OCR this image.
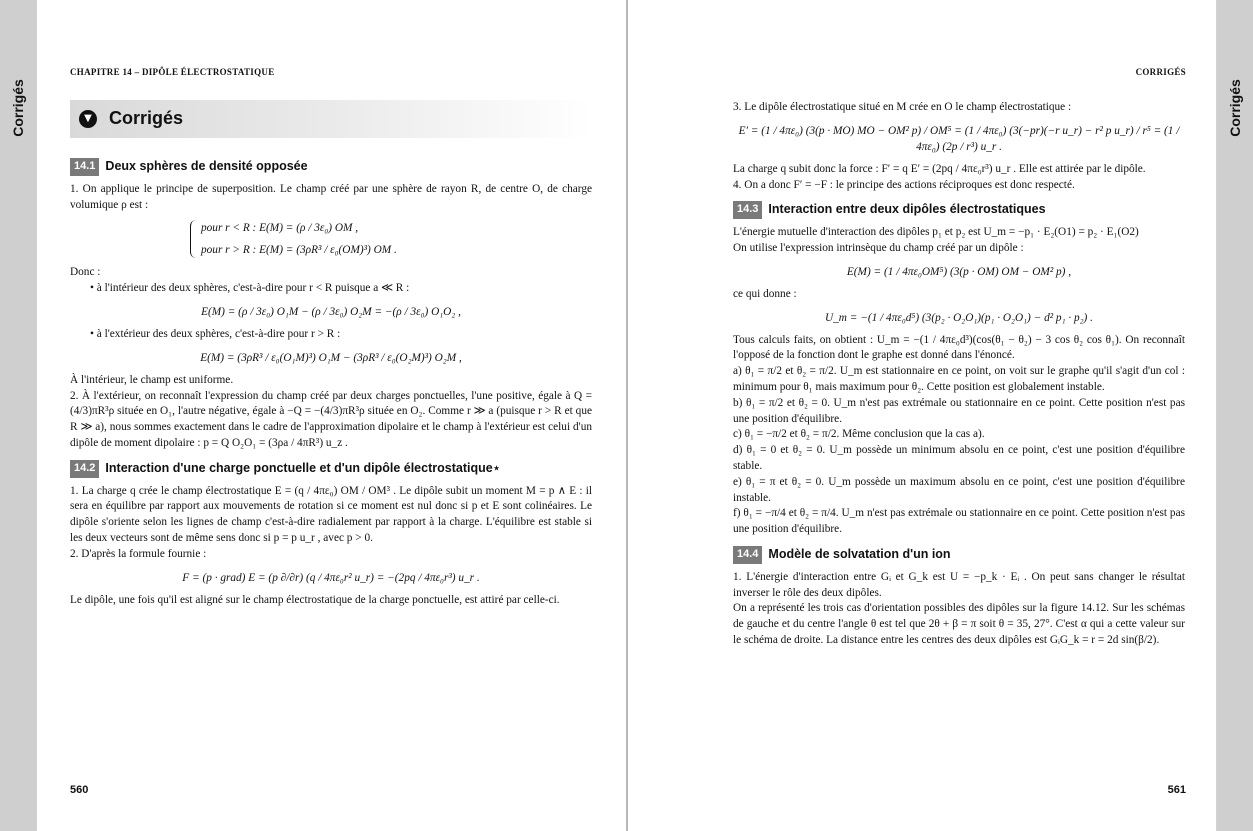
Corrigés	Corrigés
CHAPITRE 14 – DIPÔLE ÉLECTROSTATIQUE
▼ Corrigés
14.1 Deux sphères de densité opposée

1. On applique le principe de superposition. Le champ créé par une sphère de rayon R, de centre O, de charge volumique ρ est :

pour r < R : E(M) = (ρ / 3ε₀) OM ,
pour r > R : E(M) = (3ρR³ / ε₀(OM)³) OM .

Donc :

• à l'intérieur des deux sphères, c'est-à-dire pour r < R puisque a ≪ R :
E(M) = (ρ / 3ε₀) O₁M − (ρ / 3ε₀) O₂M = −(ρ / 3ε₀) O₁O₂ ,
• à l'extérieur des deux sphères, c'est-à-dire pour r > R :
E(M) = (3ρR³ / ε₀(O₁M)³) O₁M − (3ρR³ / ε₀(O₂M)³) O₂M ,

À l'intérieur, le champ est uniforme.

2. À l'extérieur, on reconnaît l'expression du champ créé par deux charges ponctuelles, l'une positive, égale à Q = (4/3)πR³ρ située en O₁, l'autre négative, égale à −Q = −(4/3)πR³ρ située en O₂. Comme r ≫ a (puisque r > R et que R ≫ a), nous sommes exactement dans le cadre de l'approximation dipolaire et le champ à l'extérieur est celui d'un dipôle de moment dipolaire : p = Q O₂O₁ = (3ρa / 4πR³) u_z .

14.2 Interaction d'une charge ponctuelle et d'un dipôle électrostatique⋆

1. La charge q crée le champ électrostatique E = (q / 4πε₀) OM / OM³ . Le dipôle subit un moment M = p ∧ E : il sera en équilibre par rapport aux mouvements de rotation si ce moment est nul donc si p et E sont colinéaires. Le dipôle s'oriente selon les lignes de champ c'est-à-dire radialement par rapport à la charge. L'équilibre est stable si les deux vecteurs sont de même sens donc si p = p u_r , avec p > 0.

2. D'après la formule fournie :

F = (p · grad) E = (p ∂/∂r) (q / 4πε₀r² u_r) = −(2pq / 4πε₀r³) u_r .

Le dipôle, une fois qu'il est aligné sur le champ électrostatique de la charge ponctuelle, est attiré par celle-ci.

560
CORRIGÉS

3. Le dipôle électrostatique situé en M crée en O le champ électrostatique :

E′ = (1 / 4πε₀) (3(p · MO) MO − OM² p) / OM⁵ = (1 / 4πε₀) (3(−pr)(−r u_r) − r² p u_r) / r⁵ = (1 / 4πε₀) (2p / r³) u_r .

La charge q subit donc la force : F′ = q E′ = (2pq / 4πε₀r³) u_r . Elle est attirée par le dipôle.

4. On a donc F′ = −F : le principe des actions réciproques est donc respecté.

14.3 Interaction entre deux dipôles électrostatiques

L'énergie mutuelle d'interaction des dipôles p₁ et p₂ est U_m = −p₁ · E₂(O1) = p₂ · E₁(O2)

On utilise l'expression intrinsèque du champ créé par un dipôle :

E(M) = (1 / 4πε₀OM⁵) (3(p · OM) OM − OM² p) ,

ce qui donne :

U_m = −(1 / 4πε₀d⁵) (3(p₂ · O₂O₁)(p₁ · O₂O₁) − d² p₁ · p₂) .

Tous calculs faits, on obtient : U_m = −(1 / 4πε₀d³)(cos(θ₁ − θ₂) − 3 cos θ₂ cos θ₁). On reconnaît l'opposé de la fonction dont le graphe est donné dans l'énoncé.

a) θ₁ = π/2 et θ₂ = π/2. U_m est stationnaire en ce point, on voit sur le graphe qu'il s'agit d'un col : minimum pour θ₁ mais maximum pour θ₂. Cette position est globalement instable.

b) θ₁ = π/2 et θ₂ = 0. U_m n'est pas extrémale ou stationnaire en ce point. Cette position n'est pas une position d'équilibre.

c) θ₁ = −π/2 et θ₂ = π/2. Même conclusion que la cas a).

d) θ₁ = 0 et θ₂ = 0. U_m possède un minimum absolu en ce point, c'est une position d'équilibre stable.

e) θ₁ = π et θ₂ = 0. U_m possède un maximum absolu en ce point, c'est une position d'équilibre instable.

f) θ₁ = −π/4 et θ₂ = π/4. U_m n'est pas extrémale ou stationnaire en ce point. Cette position n'est pas une position d'équilibre.

14.4 Modèle de solvatation d'un ion

1. L'énergie d'interaction entre Gᵢ et G_k est U = −p_k · Eᵢ . On peut sans changer le résultat inverser le rôle des deux dipôles.

On a représenté les trois cas d'orientation possibles des dipôles sur la figure 14.12. Sur les schémas de gauche et du centre l'angle θ est tel que 2θ + β = π soit θ = 35, 27°. C'est α qui a cette valeur sur le schéma de droite. La distance entre les centres des deux dipôles est GᵢG_k = r = 2d sin(β/2).

561
